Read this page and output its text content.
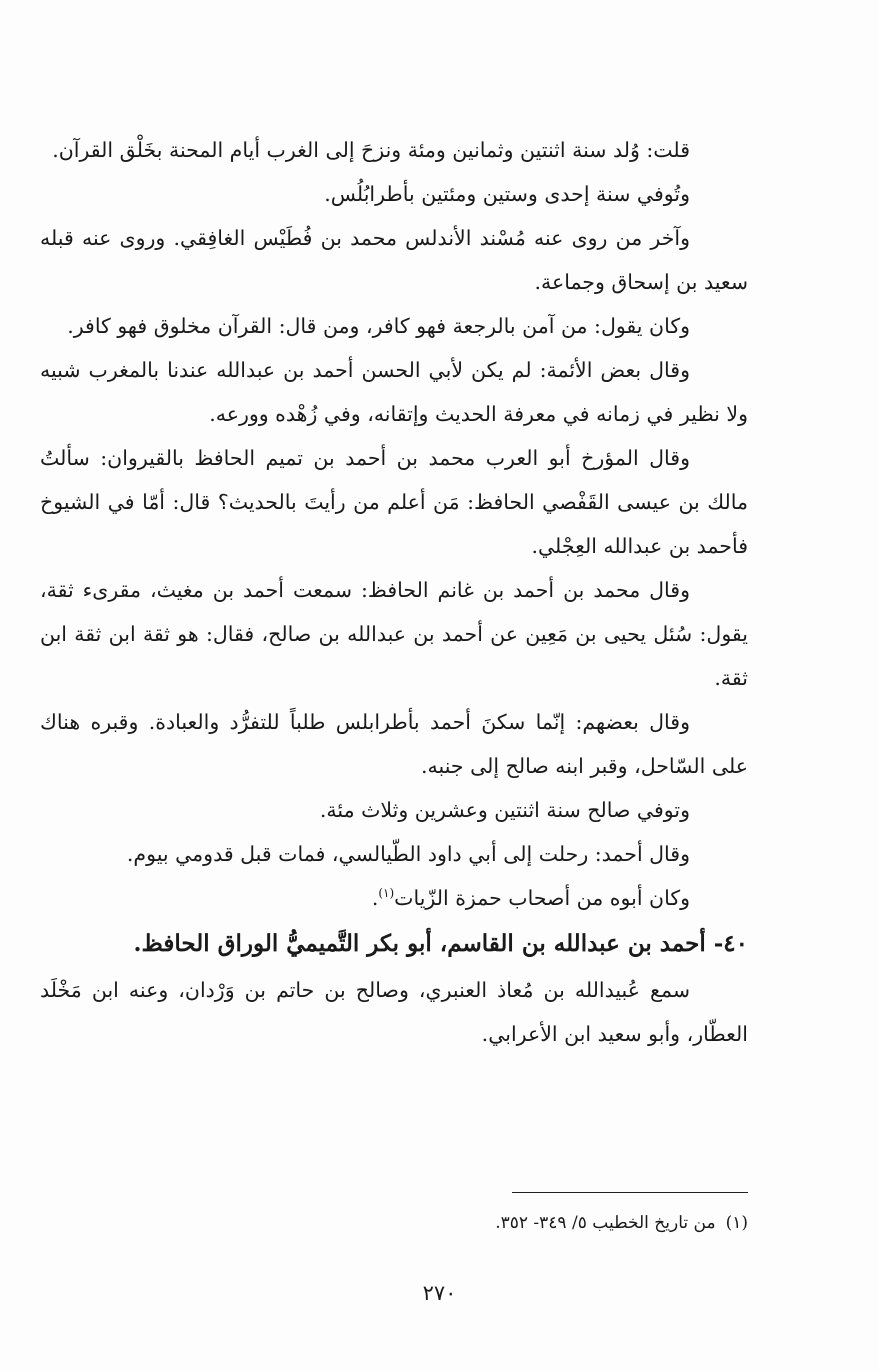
قلت: وُلد سنة اثنتين وثمانين ومئة ونزحَ إلى الغرب أيام المحنة بخَلْق القرآن.

وتُوفي سنة إحدى وستين ومئتين بأطرابُلُس.

وآخر من روى عنه مُسْند الأندلس محمد بن فُطَيْس الغافِقي. وروى عنه قبله سعيد بن إسحاق وجماعة.

وكان يقول: من آمن بالرجعة فهو كافر، ومن قال: القرآن مخلوق فهو كافر.

وقال بعض الأئمة: لم يكن لأبي الحسن أحمد بن عبدالله عندنا بالمغرب شبيه ولا نظير في زمانه في معرفة الحديث وإتقانه، وفي زُهْده وورعه.

وقال المؤرخ أبو العرب محمد بن أحمد بن تميم الحافظ بالقيروان: سألتُ مالك بن عيسى القَفْصي الحافظ: مَن أعلم من رأيتَ بالحديث؟ قال: أمّا في الشيوخ فأحمد بن عبدالله العِجْلي.

وقال محمد بن أحمد بن غانم الحافظ: سمعت أحمد بن مغيث، مقرىء ثقة، يقول: سُئل يحيى بن مَعِين عن أحمد بن عبدالله بن صالح، فقال: هو ثقة ابن ثقة ابن ثقة.

وقال بعضهم: إنّما سكنَ أحمد بأطرابلس طلباً للتفرُّد والعبادة. وقبره هناك على السّاحل، وقبر ابنه صالح إلى جنبه.

وتوفي صالح سنة اثنتين وعشرين وثلاث مئة.

وقال أحمد: رحلت إلى أبي داود الطّيالسي، فمات قبل قدومي بيوم.

وكان أبوه من أصحاب حمزة الزّيات$^{(١)}$.

٤٠- أحمد بن عبدالله بن القاسم، أبو بكر التَّميميُّ الوراق الحافظ.

سمع عُبيدالله بن مُعاذ العنبري، وصالح بن حاتم بن وَرْدان، وعنه ابن مَخْلَد العطّار، وأبو سعيد ابن الأعرابي.

(١)من تاريخ الخطيب ٥/ ٣٤٩- ٣٥٢.
٢٧٠
